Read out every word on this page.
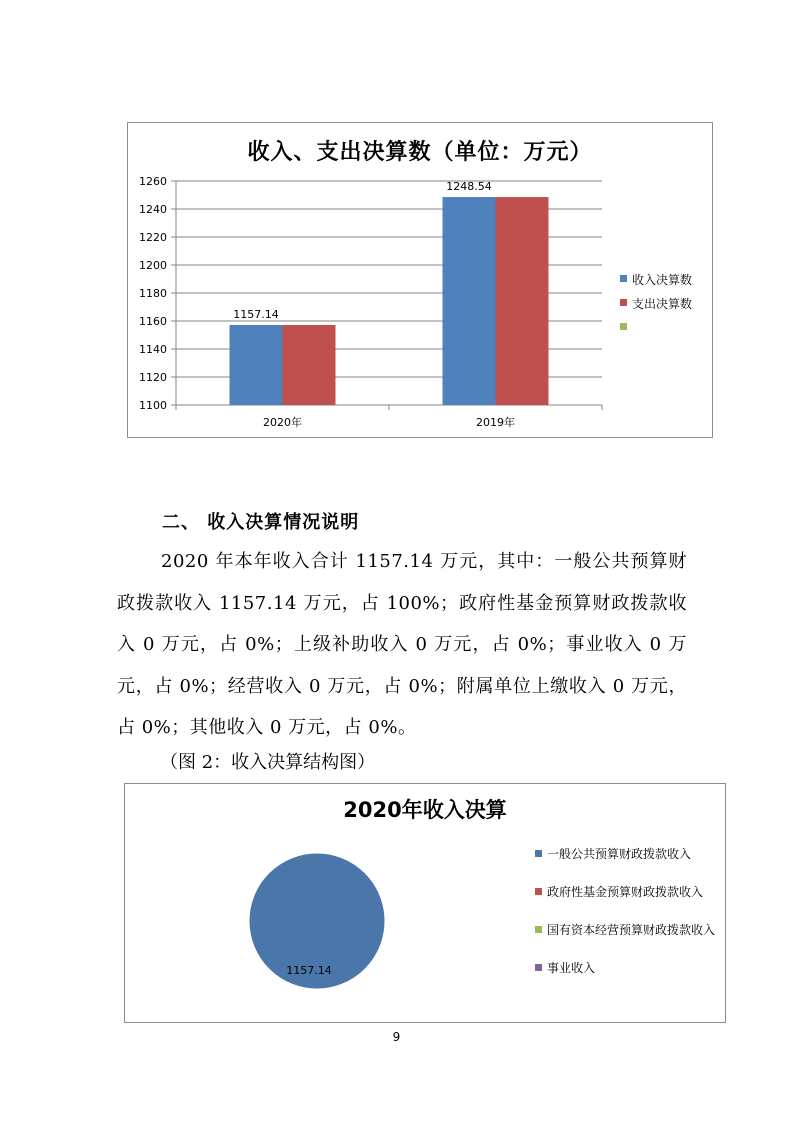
收入、支出决算数（单位：万元）
1100
1120
1140
1160
1180
1200
1220
1240
1260
1157.14
2020年
1248.54
2019年
收入决算数
支出决算数
二、 收入决算情况说明
2020 年本年收入合计 1157.14 万元，其中：一般公共预算财政拨款收入 1157.14 万元，占 100%；政府性基金预算财政拨款收入 0 万元，占 0%；上级补助收入 0 万元，占 0%；事业收入 0 万元，占 0%；经营收入 0 万元，占 0%；附属单位上缴收入 0 万元，占 0%；其他收入 0 万元，占 0%。
（图 2：收入决算结构图）
2020年收入决算
1157.14
一般公共预算财政拨款收入
政府性基金预算财政拨款收入
国有资本经营预算财政拨款收入
事业收入
9
